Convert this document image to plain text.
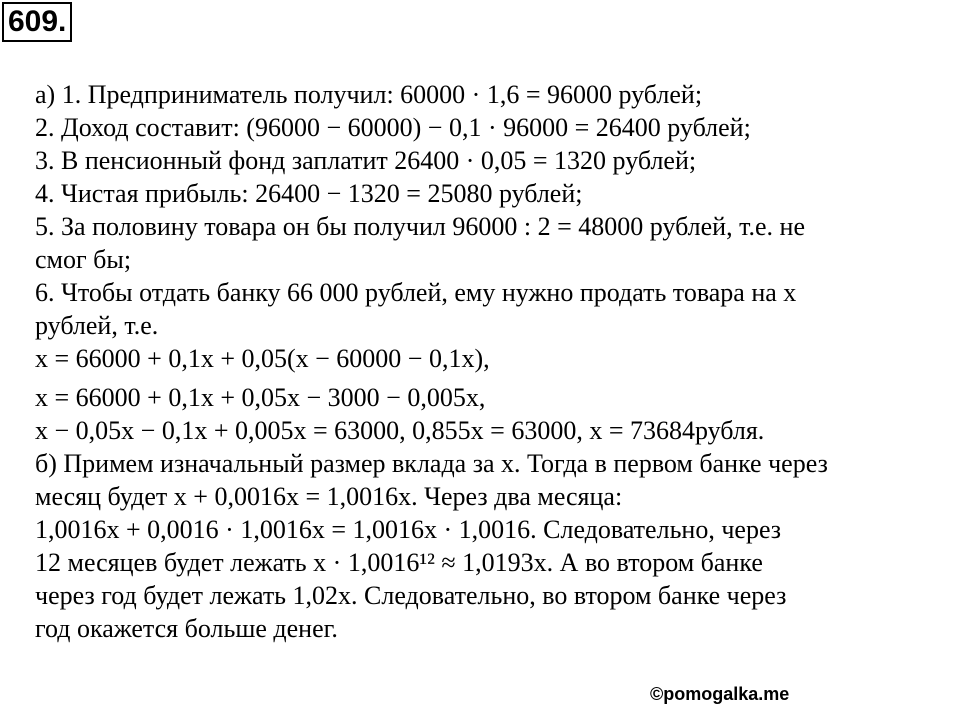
609.
а) 1. Предприниматель получил: 60000 · 1,6 = 96000 рублей;
2. Доход составит: (96000 − 60000) − 0,1 · 96000 = 26400 рублей;
3. В пенсионный фонд заплатит 26400 · 0,05 = 1320 рублей;
4. Чистая прибыль: 26400 − 1320 = 25080 рублей;
5. За половину товара он бы получил 96000 : 2 = 48000 рублей, т.е. не
смог бы;
6. Чтобы отдать банку 66 000 рублей, ему нужно продать товара на x
рублей, т.е.
x = 66000 + 0,1x + 0,05(x − 60000 − 0,1x),
x = 66000 + 0,1x + 0,05x − 3000 − 0,005x,
x − 0,05x − 0,1x + 0,005x = 63000, 0,855x = 63000, x = 73684рубля.
б) Примем изначальный размер вклада за x. Тогда в первом банке через
месяц будет x + 0,0016x = 1,0016x. Через два месяца:
1,0016x + 0,0016 · 1,0016x = 1,0016x · 1,0016. Следовательно, через
12 месяцев будет лежать x · 1,0016¹² ≈ 1,0193x. А во втором банке
через год будет лежать 1,02x. Следовательно, во втором банке через
год окажется больше денег.
©pomogalka.me
